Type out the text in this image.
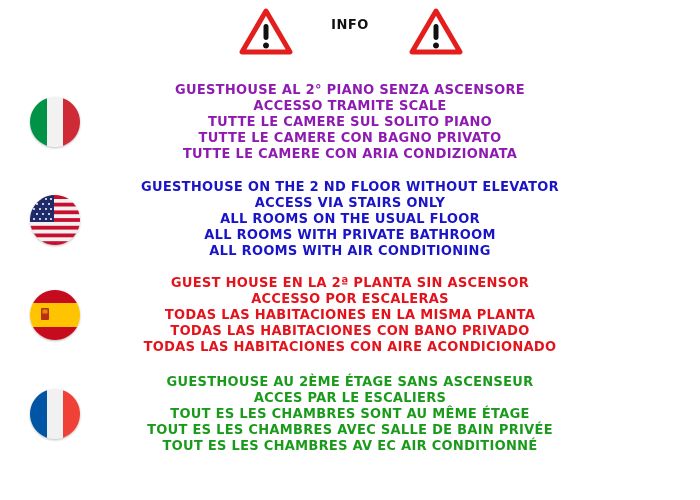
INFO
GUESTHOUSE AL 2° PIANO SENZA ASCENSORE
ACCESSO TRAMITE SCALE
TUTTE LE CAMERE SUL SOLITO PIANO
TUTTE LE CAMERE CON BAGNO PRIVATO
TUTTE LE CAMERE CON ARIA CONDIZIONATA
GUESTHOUSE ON THE 2 ND FLOOR WITHOUT ELEVATOR
ACCESS VIA STAIRS ONLY
ALL ROOMS ON THE USUAL FLOOR
ALL ROOMS WITH PRIVATE BATHROOM
ALL ROOMS WITH AIR CONDITIONING
GUEST HOUSE EN LA 2ª PLANTA SIN ASCENSOR
ACCESSO POR ESCALERAS
TODAS LAS HABITACIONES EN LA MISMA PLANTA
TODAS LAS HABITACIONES CON BANO PRIVADO
TODAS LAS HABITACIONES CON AIRE ACONDICIONADO
GUESTHOUSE AU 2ÈME ÉTAGE SANS ASCENSEUR
ACCES PAR LE ESCALIERS
TOUT ES LES CHAMBRES SONT AU MÊME ÉTAGE
TOUT ES LES CHAMBRES AVEC SALLE DE BAIN PRIVÉE
TOUT ES LES CHAMBRES AV EC AIR CONDITIONNÉ
